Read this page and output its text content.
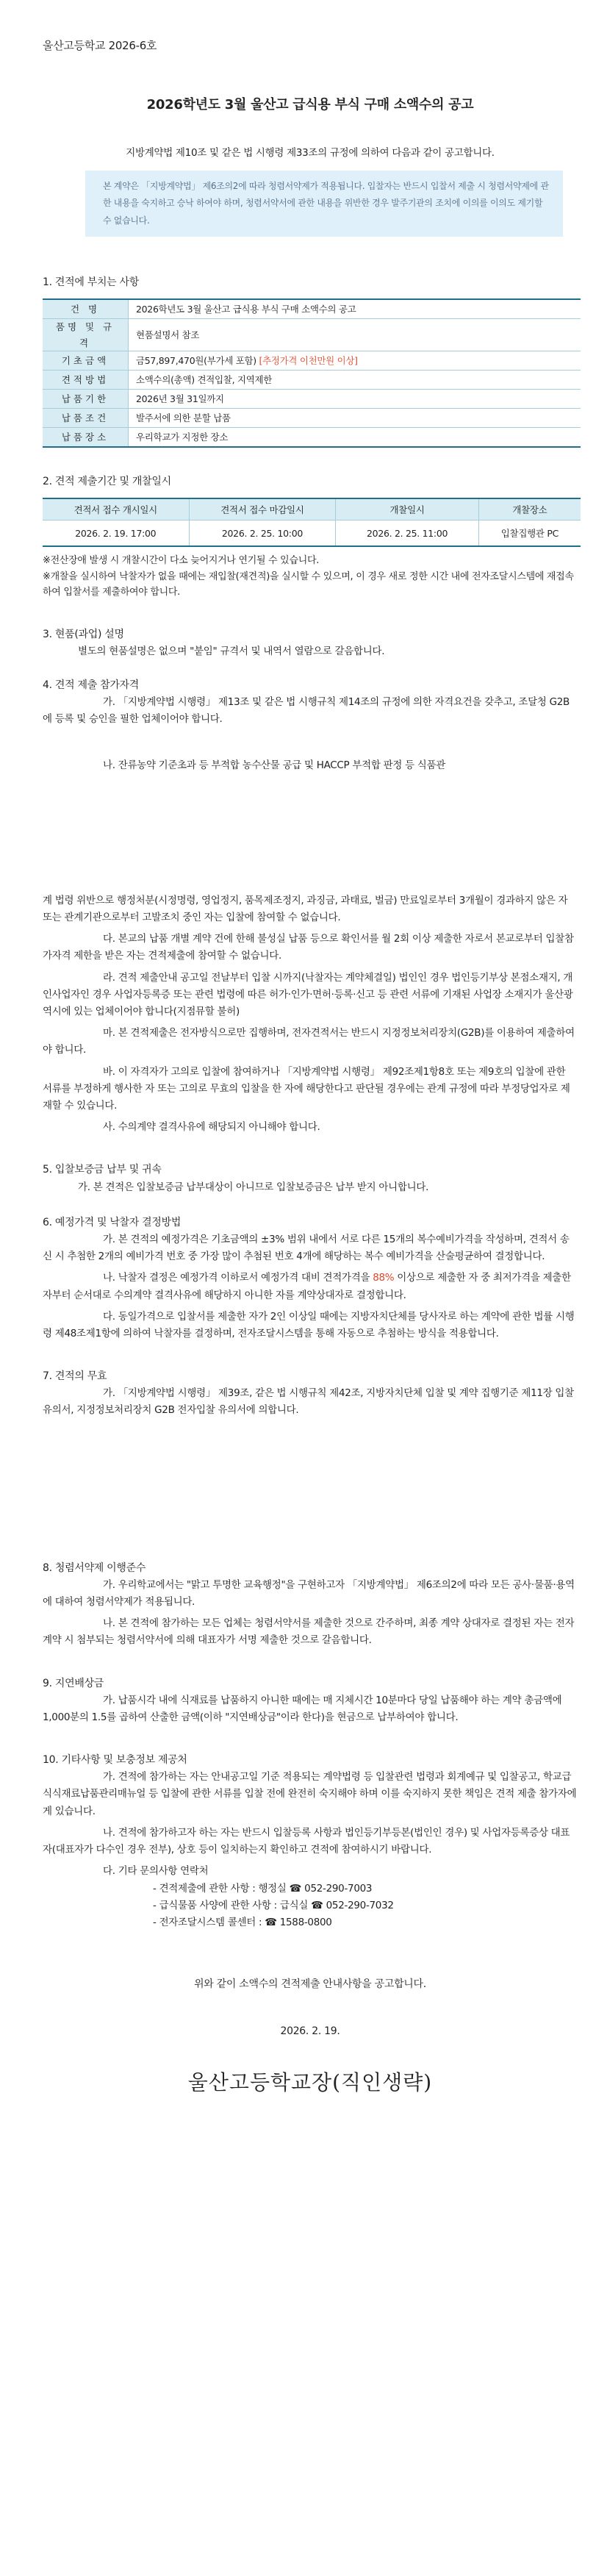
울산고등학교 2026-6호
2026학년도 3월 울산고 급식용 부식 구매 소액수의 공고
지방계약법 제10조 및 같은 법 시행령 제33조의 규정에 의하여 다음과 같이 공고합니다.
본 계약은 「지방계약법」 제6조의2에 따라 청렴서약제가 적용됩니다. 입찰자는 반드시 입찰서 제출 시 청렴서약제에 관한 내용을 숙지하고 승낙 하여야 하며, 청렴서약서에 관한 내용을 위반한 경우 발주기관의 조치에 이의를 이의도 제기할 수 없습니다.
1. 견적에 부치는 사항
건 명	2026학년도 3월 울산고 급식용 부식 구매 소액수의 공고
품명 및 규격	현품설명서 참조
기초금액	금57,897,470원(부가세 포함) [추정가격 이천만원 이상]
견적방법	소액수의(총액) 견적입찰, 지역제한
납품기한	2026년 3월 31일까지
납품조건	발주서에 의한 분할 납품
납품장소	우리학교가 지정한 장소
2. 견적 제출기간 및 개찰일시
견적서 접수 개시일시	견적서 접수 마감일시	개찰일시	개찰장소
2026. 2. 19. 17:00	2026. 2. 25. 10:00	2026. 2. 25. 11:00	입찰집행관 PC
※전산장애 발생 시 개찰시간이 다소 늦어지거나 연기될 수 있습니다.
※개찰을 실시하여 낙찰자가 없을 때에는 재입찰(재견적)을 실시할 수 있으며, 이 경우 새로 정한 시간 내에 전자조달시스템에 재접속하여 입찰서를 제출하여야 합니다.
3. 현품(과업) 설명
별도의 현품설명은 없으며 "붙임" 규격서 및 내역서 열람으로 갈음합니다.
4. 견적 제출 참가자격
가. 「지방계약법 시행령」 제13조 및 같은 법 시행규칙 제14조의 규정에 의한 자격요건을 갖추고, 조달청 G2B에 등록 및 승인을 필한 업체이어야 합니다.
나. 잔류농약 기준초과 등 부적합 농수산물 공급 및 HACCP 부적합 판정 등 식품관
계 법령 위반으로 행정처분(시정명령, 영업정지, 품목제조정지, 과징금, 과태료, 벌금) 만료일로부터 3개월이 경과하지 않은 자 또는 관계기관으로부터 고발조치 중인 자는 입찰에 참여할 수 없습니다.
다. 본교의 납품 개별 계약 건에 한해 불성실 납품 등으로 확인서를 월 2회 이상 제출한 자로서 본교로부터 입찰참가자격 제한을 받은 자는 견적제출에 참여할 수 없습니다.
라. 견적 제출안내 공고일 전날부터 입찰 시까지(낙찰자는 계약체결일) 법인인 경우 법인등기부상 본점소재지, 개인사업자인 경우 사업자등록증 또는 관련 법령에 따른 허가·인가·면허·등록·신고 등 관련 서류에 기재된 사업장 소재지가 울산광역시에 있는 업체이어야 합니다(지점뮤할 불허)
마. 본 견적제출은 전자방식으로만 집행하며, 전자견적서는 반드시 지정정보처리장치(G2B)를 이용하여 제출하여야 합니다.
바. 이 자격자가 고의로 입찰에 참여하거나 「지방계약법 시행령」 제92조제1항8호 또는 제9호의 입찰에 관한 서류를 부정하게 행사한 자 또는 고의로 무효의 입찰을 한 자에 해당한다고 판단될 경우에는 관계 규정에 따라 부정당업자로 제재할 수 있습니다.
사. 수의계약 결격사유에 해당되지 아니해야 합니다.
5. 입찰보증금 납부 및 귀속
가. 본 견적은 입찰보증금 납부대상이 아니므로 입찰보증금은 납부 받지 아니합니다.
6. 예정가격 및 낙찰자 결정방법
가. 본 견적의 예정가격은 기초금액의 ±3% 범위 내에서 서로 다른 15개의 복수예비가격을 작성하며, 견적서 송신 시 추첨한 2개의 예비가격 번호 중 가장 많이 추첨된 번호 4개에 해당하는 복수 예비가격을 산술평균하여 결정합니다.
나. 낙찰자 결정은 예정가격 이하로서 예정가격 대비 견적가격을 88% 이상으로 제출한 자 중 최저가격을 제출한 자부터 순서대로 수의계약 결격사유에 해당하지 아니한 자를 계약상대자로 결정합니다.
다. 동일가격으로 입찰서를 제출한 자가 2인 이상일 때에는 지방자치단체를 당사자로 하는 계약에 관한 법률 시행령 제48조제1항에 의하여 낙찰자를 결정하며, 전자조달시스템을 통해 자동으로 추첨하는 방식을 적용합니다.
7. 견적의 무효
가. 「지방계약법 시행령」 제39조, 같은 법 시행규칙 제42조, 지방자치단체 입찰 및 계약 집행기준 제11장 입찰유의서, 지정정보처리장치 G2B 전자입찰 유의서에 의합니다.
8. 청렴서약제 이행준수
가. 우리학교에서는 "맑고 투명한 교육행정"을 구현하고자 「지방계약법」 제6조의2에 따라 모든 공사·물품·용역에 대하여 청렴서약제가 적용됩니다.
나. 본 견적에 참가하는 모든 업체는 청렴서약서를 제출한 것으로 간주하며, 최종 계약 상대자로 결정된 자는 전자계약 시 첨부되는 청렴서약서에 의해 대표자가 서명 제출한 것으로 갈음합니다.
9. 지연배상금
가. 납품시각 내에 식재료를 납품하지 아니한 때에는 매 지체시간 10분마다 당일 납품해야 하는 계약 총금액에 1,000분의 1.5를 곱하여 산출한 금액(이하 "지연배상금"이라 한다)을 현금으로 납부하여야 합니다.
10. 기타사항 및 보충정보 제공처
가. 견적에 참가하는 자는 안내공고일 기준 적용되는 계약법령 등 입찰관련 법령과 회계예규 및 입찰공고, 학교급식식재료납품관리매뉴얼 등 입찰에 관한 서류를 입찰 전에 완전히 숙지해야 하며 이를 숙지하지 못한 책임은 견적 제출 참가자에게 있습니다.
나. 견적에 참가하고자 하는 자는 반드시 입찰등록 사항과 법인등기부등본(법인인 경우) 및 사업자등록증상 대표자(대표자가 다수인 경우 전부), 상호 등이 일치하는지 확인하고 견적에 참여하시기 바랍니다.
다. 기타 문의사항 연락처
- 견적제출에 관한 사항 : 행정실 ☎ 052-290-7003
- 급식물품 사양에 관한 사항 : 급식실 ☎ 052-290-7032
- 전자조달시스템 콜센터 : ☎ 1588-0800
위와 같이 소액수의 견적제출 안내사항을 공고합니다.
2026. 2. 19.
울산고등학교장(직인생략)
